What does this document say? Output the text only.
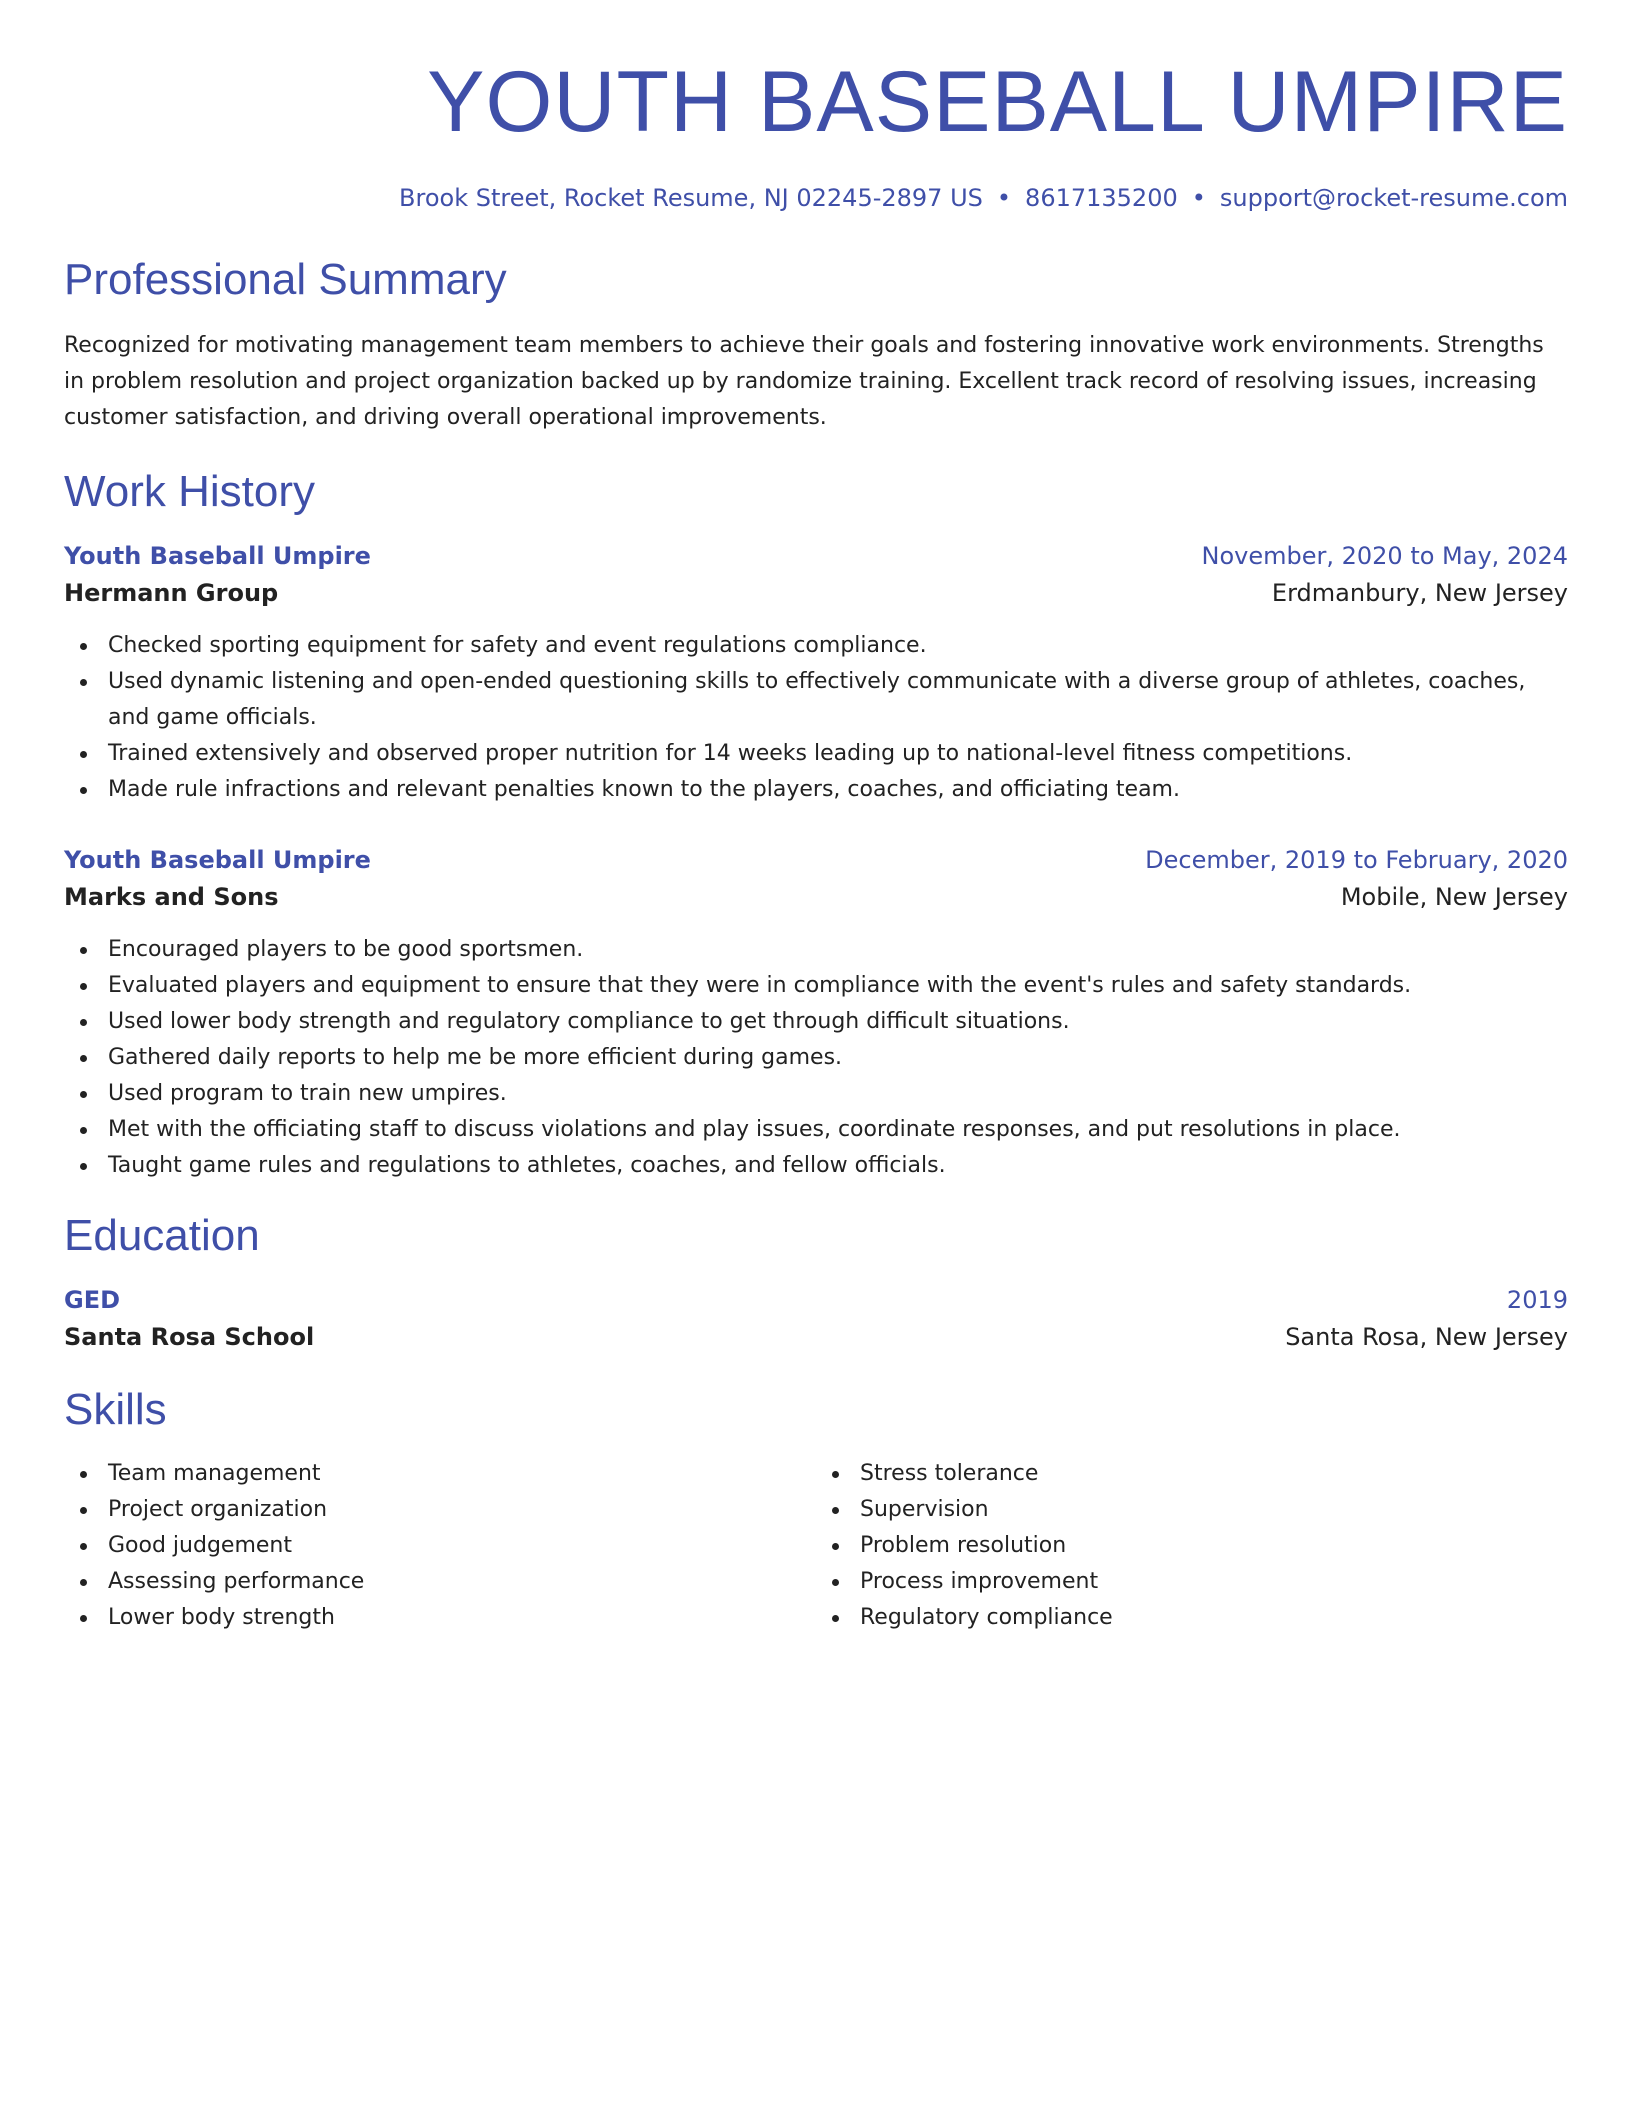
YOUTH BASEBALL UMPIRE
Brook Street, Rocket Resume, NJ 02245-2897 US • 8617135200 • support@rocket-resume.com
Professional Summary
Recognized for motivating management team members to achieve their goals and fostering innovative work environments. Strengths in problem resolution and project organization backed up by randomize training. Excellent track record of resolving issues, increasing customer satisfaction, and driving overall operational improvements.
Work History
Youth Baseball Umpire	November, 2020 to May, 2024
Hermann Group	Erdmanbury, New Jersey
Checked sporting equipment for safety and event regulations compliance.
Used dynamic listening and open-ended questioning skills to effectively communicate with a diverse group of athletes, coaches, and game officials.
Trained extensively and observed proper nutrition for 14 weeks leading up to national-level fitness competitions.
Made rule infractions and relevant penalties known to the players, coaches, and officiating team.
Youth Baseball Umpire	December, 2019 to February, 2020
Marks and Sons	Mobile, New Jersey
Encouraged players to be good sportsmen.
Evaluated players and equipment to ensure that they were in compliance with the event's rules and safety standards.
Used lower body strength and regulatory compliance to get through difficult situations.
Gathered daily reports to help me be more efficient during games.
Used program to train new umpires.
Met with the officiating staff to discuss violations and play issues, coordinate responses, and put resolutions in place.
Taught game rules and regulations to athletes, coaches, and fellow officials.
Education
GED	2019
Santa Rosa School	Santa Rosa, New Jersey
Skills
Team management
Project organization
Good judgement
Assessing performance
Lower body strength
Stress tolerance
Supervision
Problem resolution
Process improvement
Regulatory compliance
